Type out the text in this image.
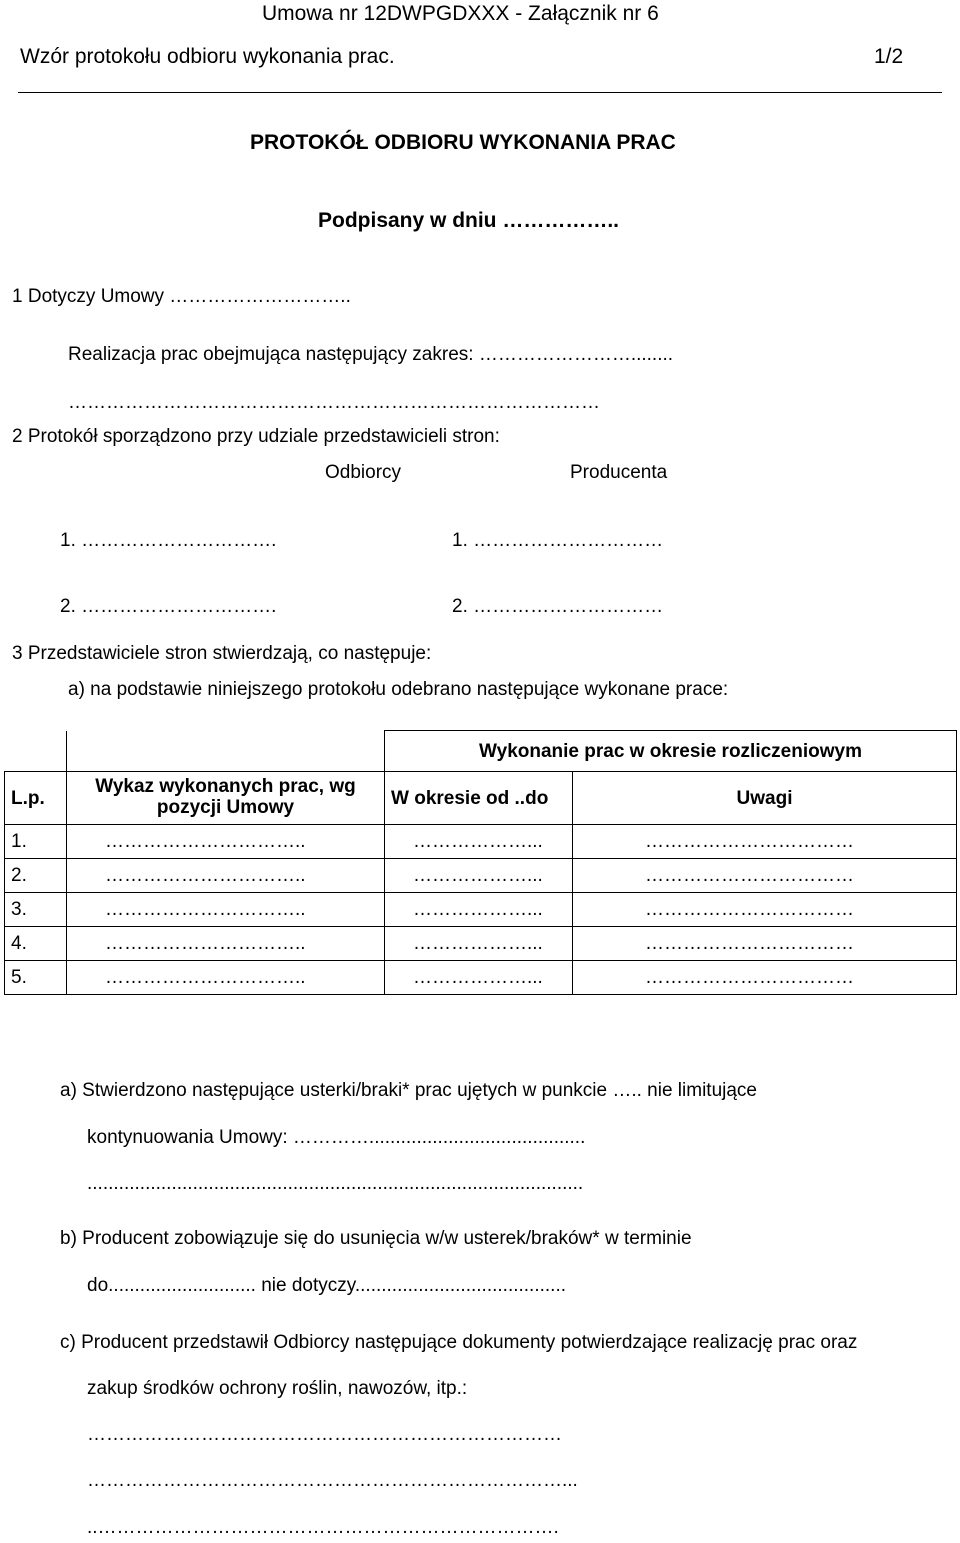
Umowa nr 12DWPGDXXX - Załącznik nr 6
Wzór protokołu odbioru wykonania prac.	1/2
PROTOKÓŁ ODBIORU WYKONANIA PRAC
Podpisany w dniu ……………..
1 Dotyczy Umowy ………………………..
Realizacja prac obejmująca następujący zakres: ……………………........
…………………………………………………………………………
2 Protokół sporządzono przy udziale przedstawicieli stron:
Odbiorcy	Producenta
1. ………………………….	1. …………………………
2. ………………………….	2. …………………………
3 Przedstawiciele stron stwierdzają, co następuje:
a) na podstawie niniejszego protokołu odebrano następujące wykonane prace:
		Wykonanie prac w okresie rozliczeniowym	
L.p.	Wykaz wykonanych prac, wg pozycji Umowy	W okresie od ..do	Uwagi
1.	…………………………..	………………...	……………………………
2.	…………………………..	………………...	……………………………
3.	…………………………..	………………...	……………………………
4.	…………………………..	………………...	……………………………
5.	…………………………..	………………...	……………………………
a) Stwierdzono następujące usterki/braki* prac ujętych w punkcie ….. nie limitujące
kontynuowania Umowy: ………….........................................
..............................................................................................
b) Producent zobowiązuje się do usunięcia w/w usterek/braków* w terminie
do............................ nie dotyczy........................................
c) Producent przedstawił Odbiorcy następujące dokumenty potwierdzające realizację prac oraz
zakup środków ochrony roślin, nawozów, itp.:
…………………………………………………………………
…………………………………………………………………...
..……………………………………………………………….
